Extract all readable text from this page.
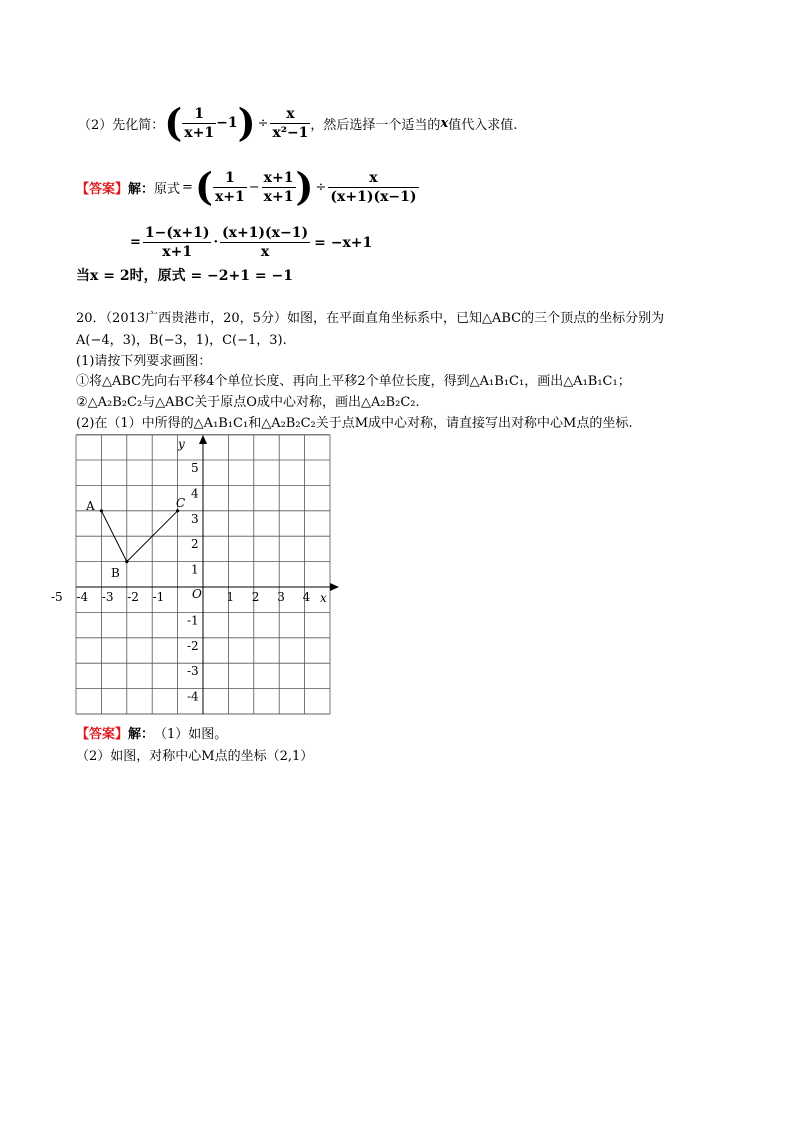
（2）先化简： ( $\frac{1}{x+1} -1$ ) ÷ $\frac{x}{\text{x²−1}}$ ，然后选择一个适当的 x 值代入求值.
【答案】 解： 原式 = ( $\frac{1}{x+1} - \frac{x+1}{x+1}$ ) ÷ $\frac{x}{(x+1)(x-1)}$
= $\frac{1-(x+1)}{x+1} \cdot \frac{(x+1)(x-1)}{x} = -x+1$
当x = 2时，原式 = −2+1 = −1
20．（2013广西贵港市，20，5分）如图，在平面直角坐标系中，已知△ABC的三个顶点的坐标分别为
A(−4，3)，B(−3，1)，C(−1，3).
(1)请按下列要求画图：
①将△ABC先向右平移4个单位长度、再向上平移2个单位长度，得到△A₁B₁C₁，画出△A₁B₁C₁；
②△A₂B₂C₂与△ABC关于原点O成中心对称，画出△A₂B₂C₂.
(2)在（1）中所得的△A₁B₁C₁和△A₂B₂C₂关于点M成中心对称，请直接写出对称中心M点的坐标.
-5 -4 -3 -2 -1	1 2 3 4
5
4
3
2
1
-1
-2
-3
-4
x
y
O
A
B
C
【答案】 解： （1）如图。
（2）如图，对称中心M点的坐标（2,1）
